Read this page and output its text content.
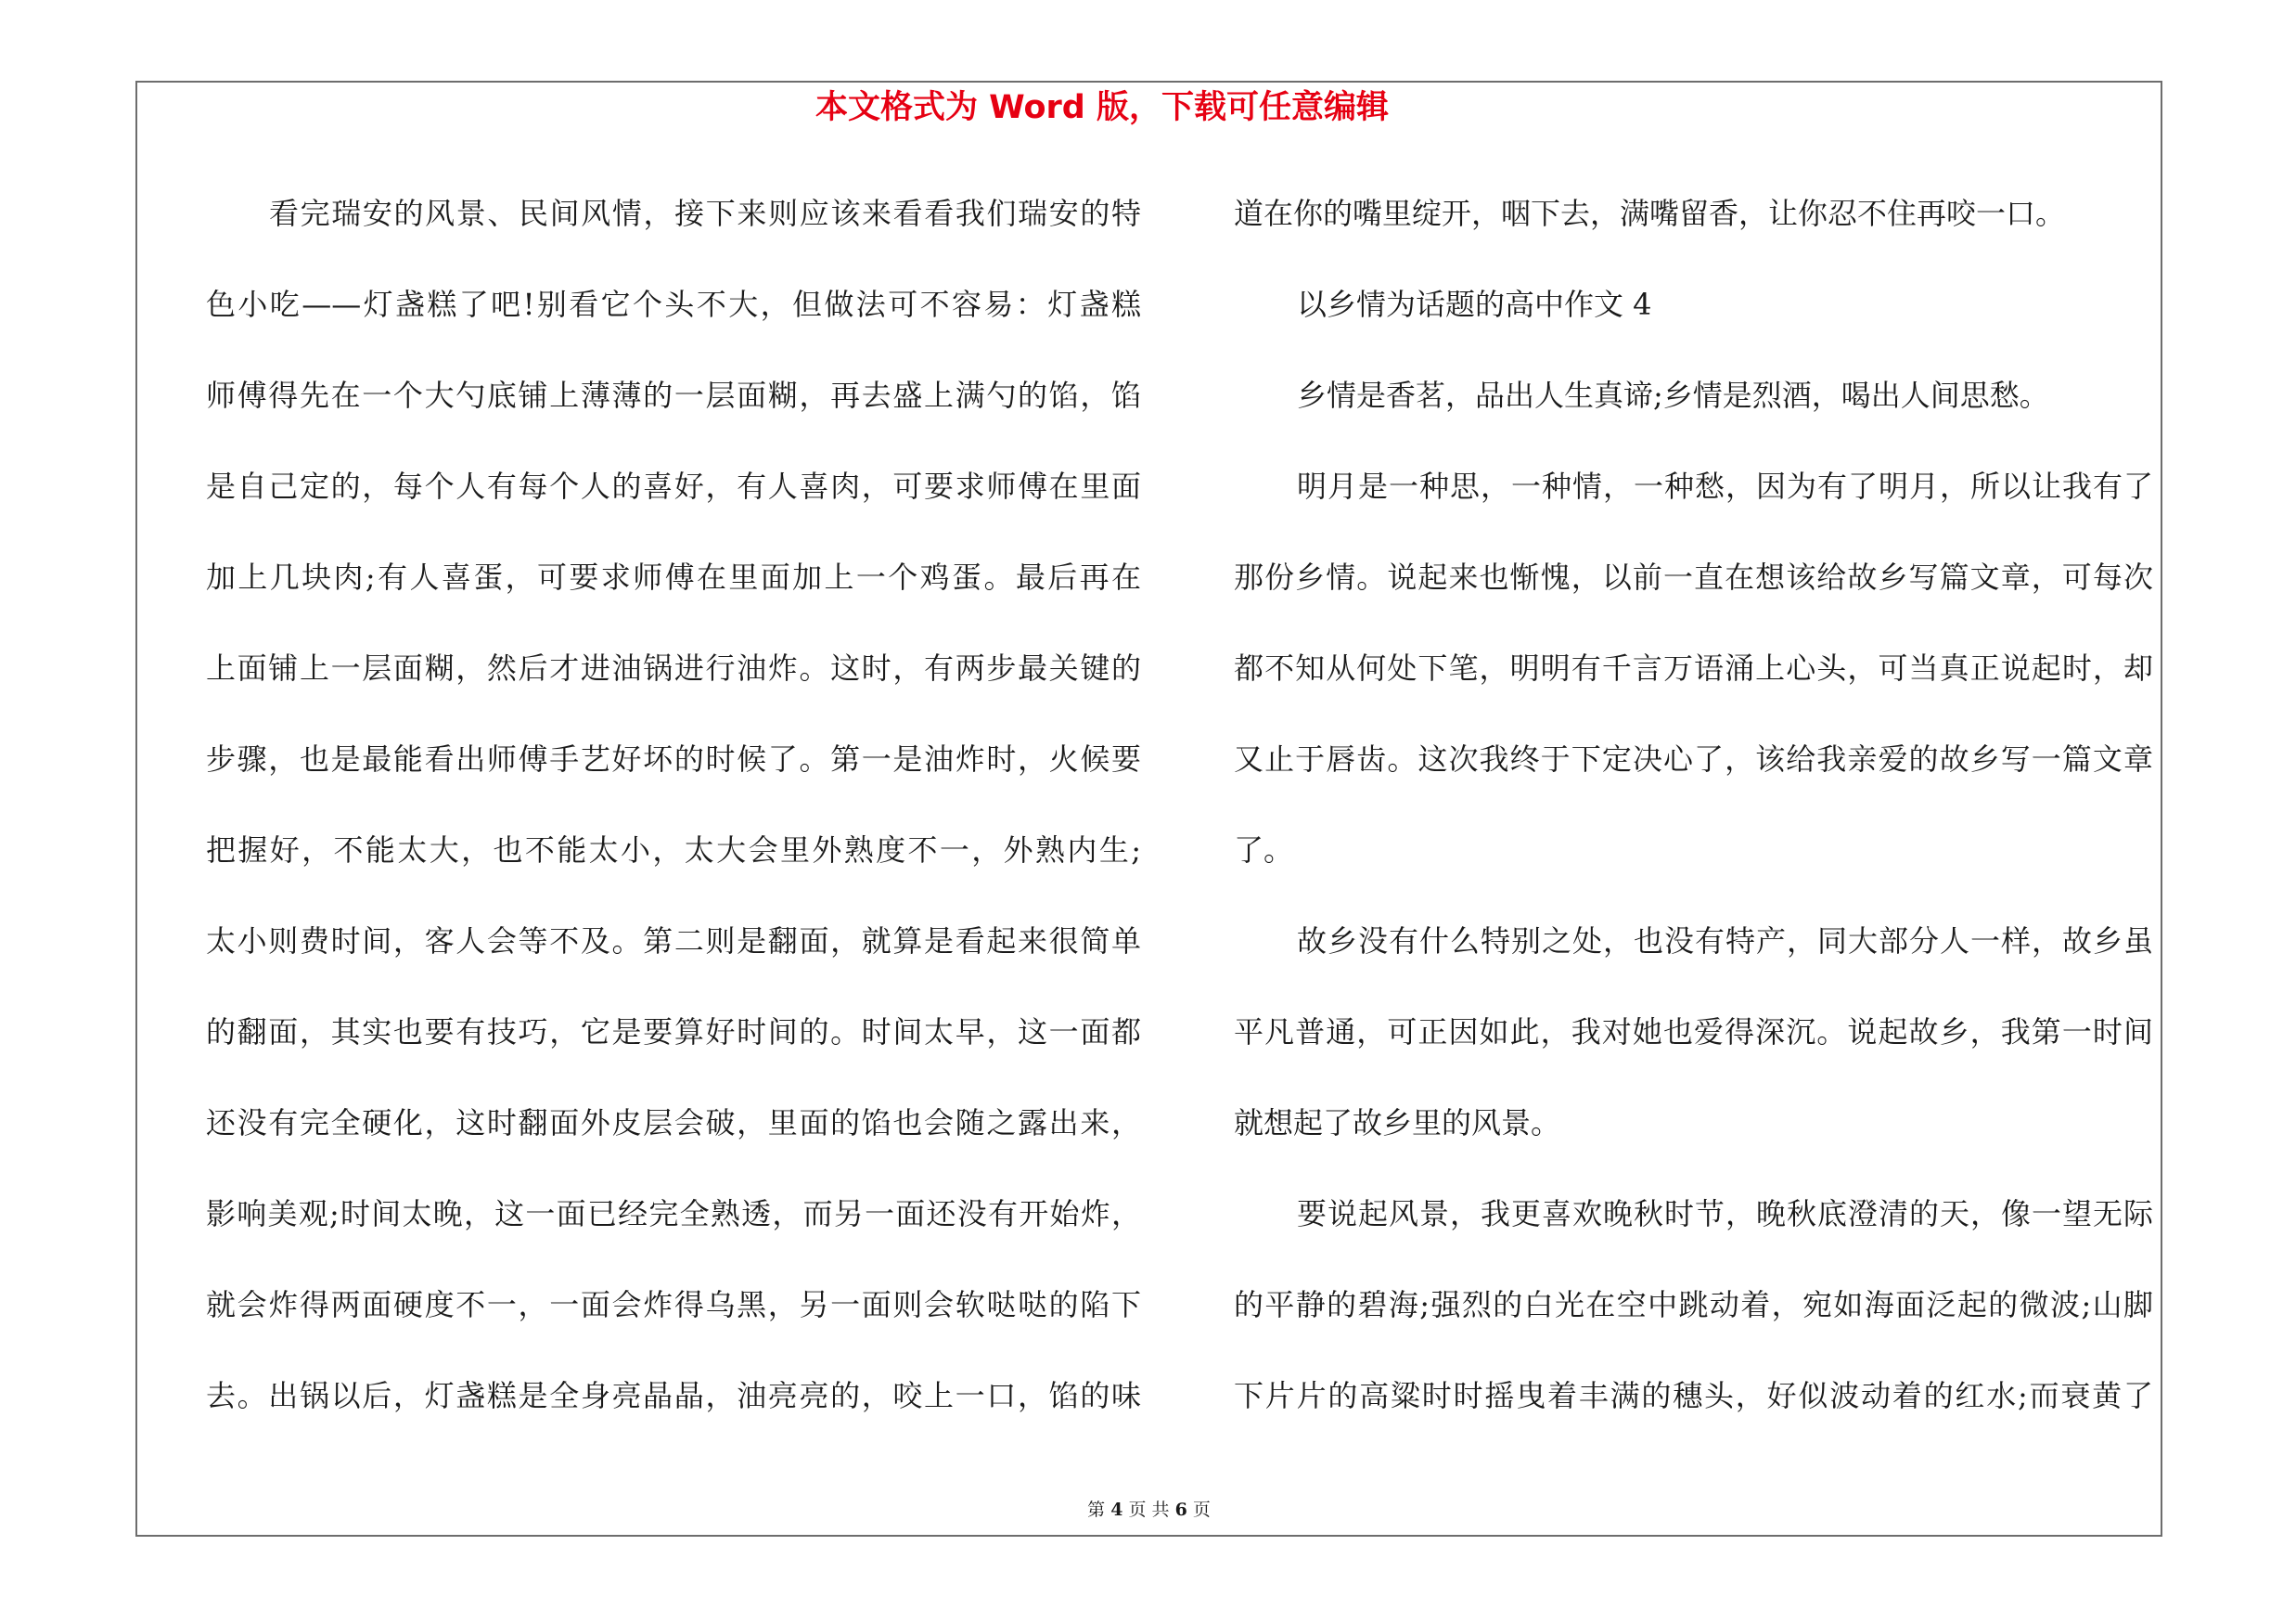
本文格式为 Word 版，下载可任意编辑
看完瑞安的风景、民间风情，接下来则应该来看看我们瑞安的特
色小吃——灯盏糕了吧!别看它个头不大，但做法可不容易：灯盏糕
师傅得先在一个大勺底铺上薄薄的一层面糊，再去盛上满勺的馅，馅
是自己定的，每个人有每个人的喜好，有人喜肉，可要求师傅在里面
加上几块肉;有人喜蛋，可要求师傅在里面加上一个鸡蛋。最后再在
上面铺上一层面糊，然后才进油锅进行油炸。这时，有两步最关键的
步骤，也是最能看出师傅手艺好坏的时候了。第一是油炸时，火候要
把握好，不能太大，也不能太小，太大会里外熟度不一，外熟内生;
太小则费时间，客人会等不及。第二则是翻面，就算是看起来很简单
的翻面，其实也要有技巧，它是要算好时间的。时间太早，这一面都
还没有完全硬化，这时翻面外皮层会破，里面的馅也会随之露出来，
影响美观;时间太晚，这一面已经完全熟透，而另一面还没有开始炸，
就会炸得两面硬度不一，一面会炸得乌黑，另一面则会软哒哒的陷下
去。出锅以后，灯盏糕是全身亮晶晶，油亮亮的，咬上一口，馅的味
道在你的嘴里绽开，咽下去，满嘴留香，让你忍不住再咬一口。
以乡情为话题的高中作文 4
乡情是香茗，品出人生真谛;乡情是烈酒，喝出人间思愁。
明月是一种思，一种情，一种愁，因为有了明月，所以让我有了
那份乡情。说起来也惭愧，以前一直在想该给故乡写篇文章，可每次
都不知从何处下笔，明明有千言万语涌上心头，可当真正说起时，却
又止于唇齿。这次我终于下定决心了，该给我亲爱的故乡写一篇文章
了。
故乡没有什么特别之处，也没有特产，同大部分人一样，故乡虽
平凡普通，可正因如此，我对她也爱得深沉。说起故乡，我第一时间
就想起了故乡里的风景。
要说起风景，我更喜欢晚秋时节，晚秋底澄清的天，像一望无际
的平静的碧海;强烈的白光在空中跳动着，宛如海面泛起的微波;山脚
下片片的高粱时时摇曳着丰满的穗头，好似波动着的红水;而衰黄了
第 4 页 共 6 页
